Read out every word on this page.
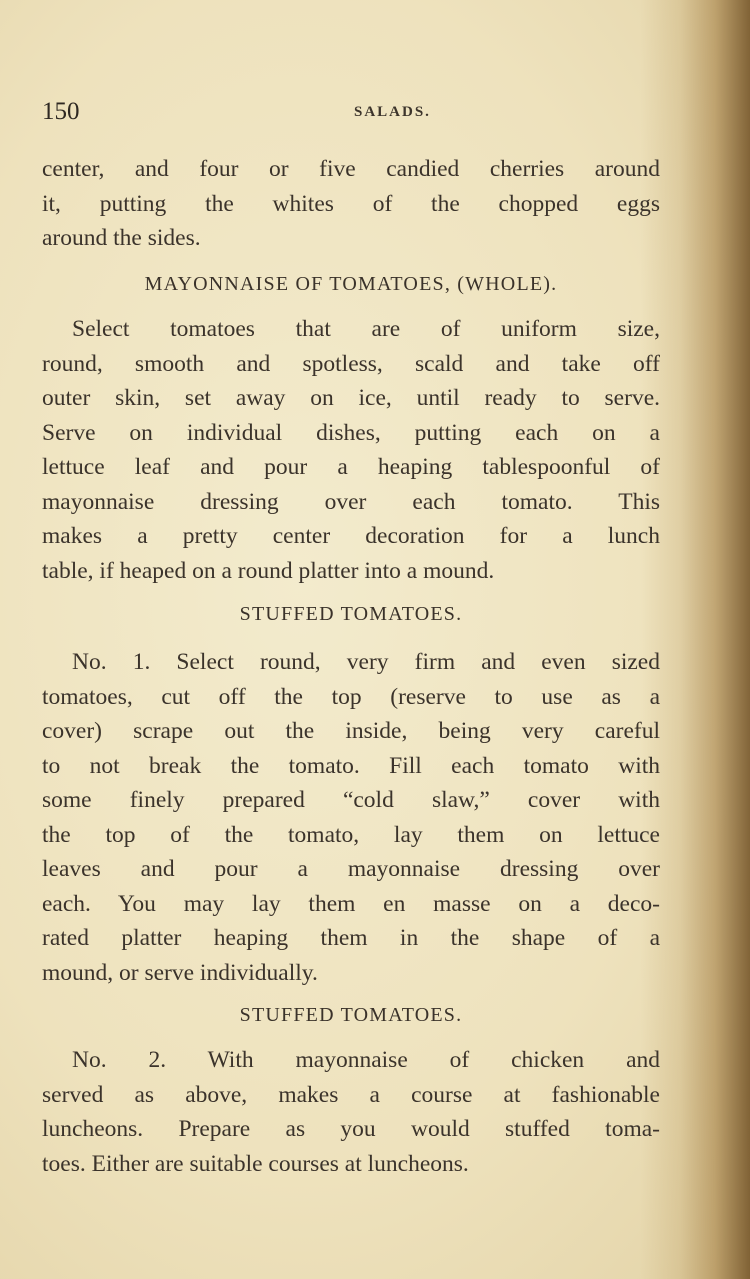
150	SALADS.
center, and four or five candied cherries around
it, putting the whites of the chopped eggs
around the sides.
MAYONNAISE OF TOMATOES, (WHOLE).
Select tomatoes that are of uniform size,
round, smooth and spotless, scald and take off
outer skin, set away on ice, until ready to serve.
Serve on individual dishes, putting each on a
lettuce leaf and pour a heaping tablespoonful of
mayonnaise dressing over each tomato. This
makes a pretty center decoration for a lunch
table, if heaped on a round platter into a mound.
STUFFED TOMATOES.
No. 1. Select round, very firm and even sized
tomatoes, cut off the top (reserve to use as a
cover) scrape out the inside, being very careful
to not break the tomato. Fill each tomato with
some finely prepared “cold slaw,” cover with
the top of the tomato, lay them on lettuce
leaves and pour a mayonnaise dressing over
each. You may lay them en masse on a deco-
rated platter heaping them in the shape of a
mound, or serve individually.
STUFFED TOMATOES.
No. 2. With mayonnaise of chicken and
served as above, makes a course at fashionable
luncheons. Prepare as you would stuffed toma-
toes. Either are suitable courses at luncheons.
